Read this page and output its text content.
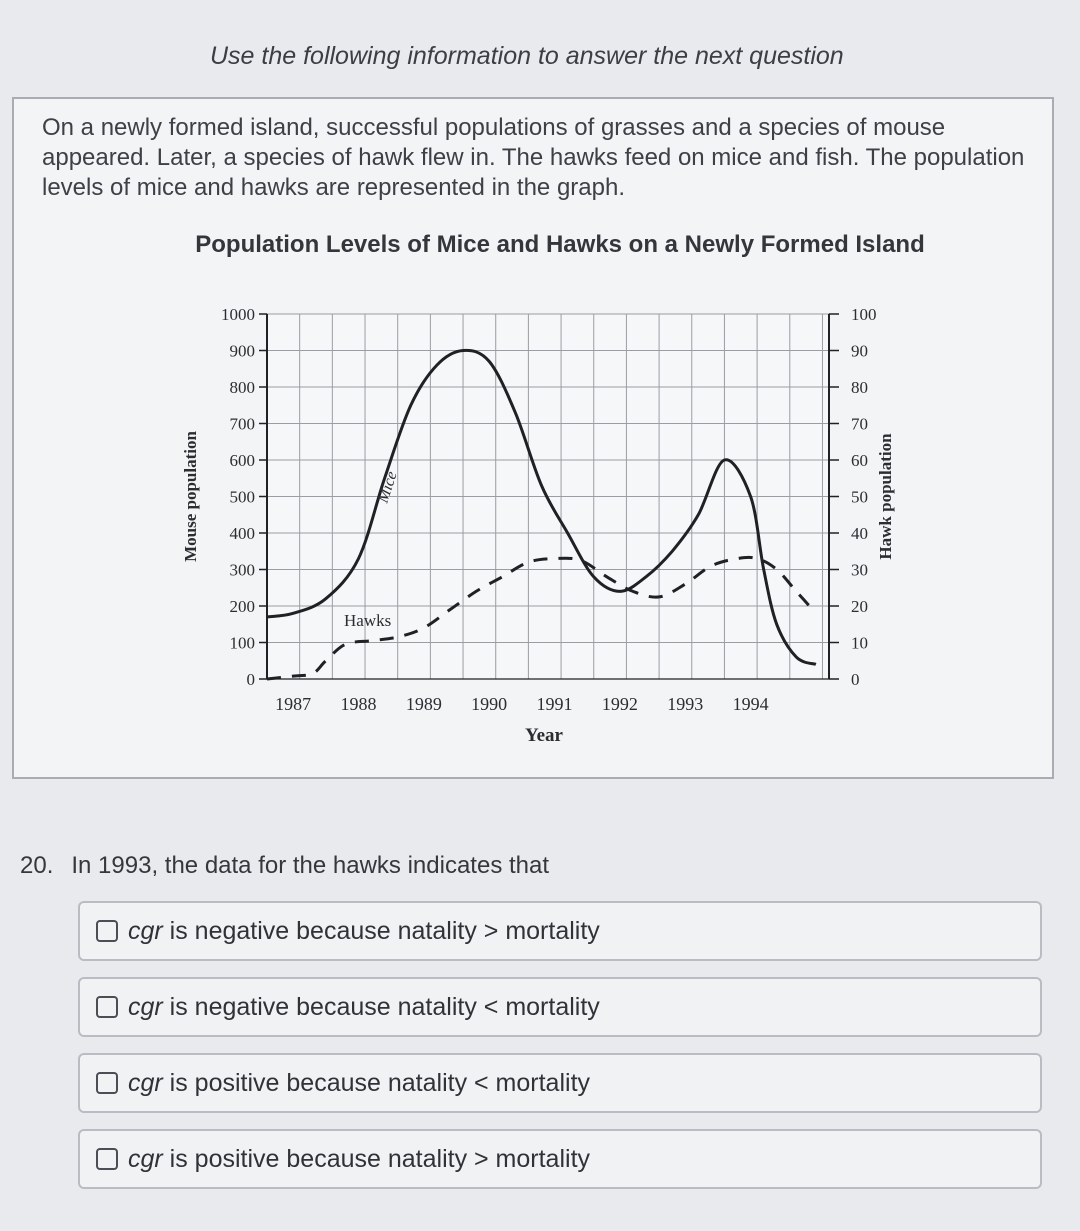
Use the following information to answer the next question
On a newly formed island, successful populations of grasses and a species of mouse appeared. Later, a species of hawk flew in. The hawks feed on mice and fish. The population levels of mice and hawks are represented in the graph.
Population Levels of Mice and Hawks on a Newly Formed Island
0
100
200
300
400
500
600
700
800
900
1000
0
10
20
30
40
50
60
70
80
90
100
1987 1988 1989 1990 1991 1992 1993 1994
Year
Mouse population	Hawk population
Mice
Hawks
20. In 1993, the data for the hawks indicates that
cgr is negative because natality > mortality
cgr is negative because natality < mortality
cgr is positive because natality < mortality
cgr is positive because natality > mortality
